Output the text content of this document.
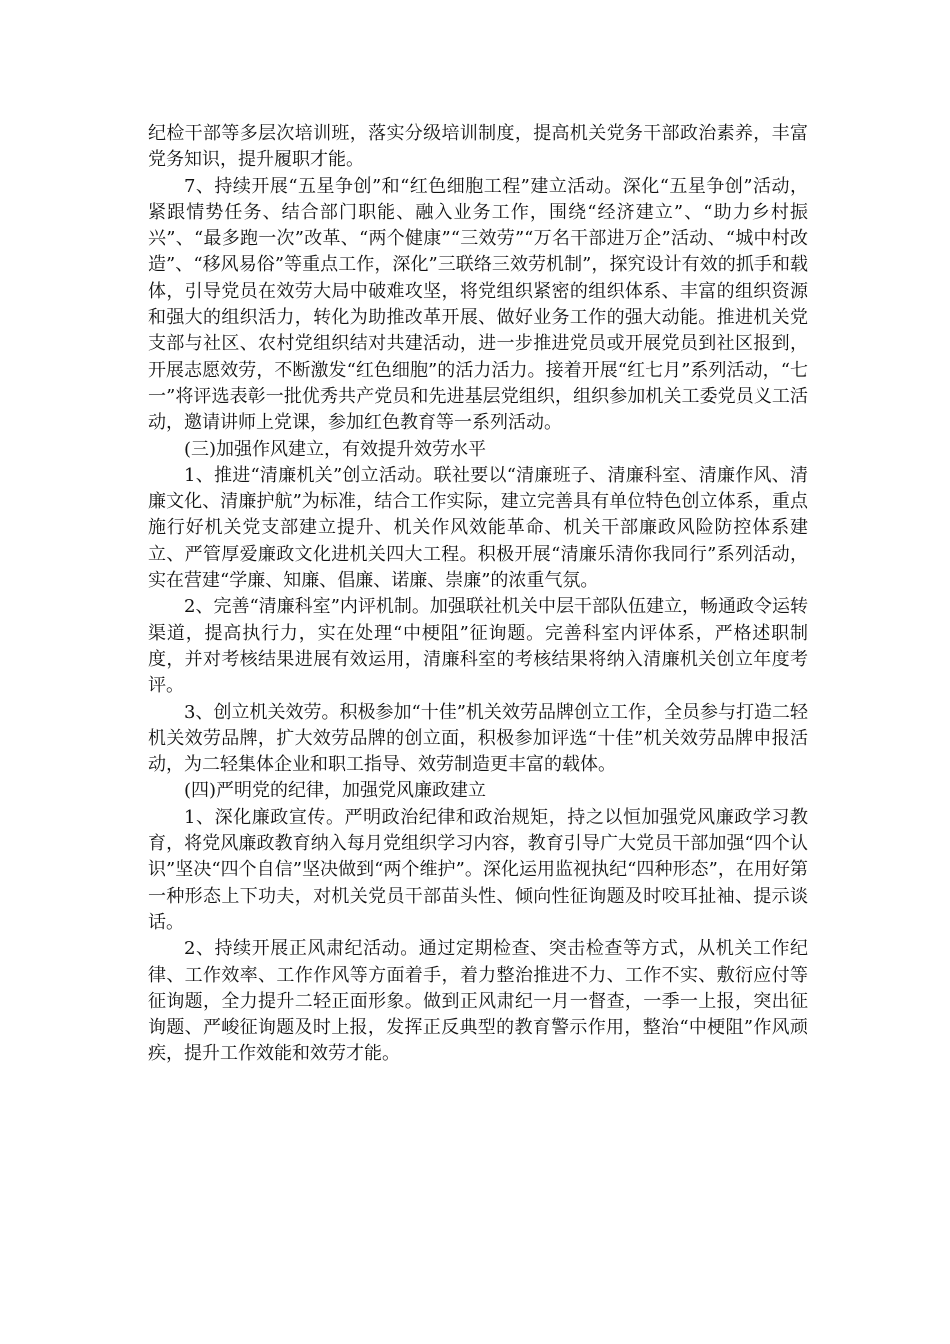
纪检干部等多层次培训班，落实分级培训制度，提高机关党务干部政治素养，丰富党务知识，提升履职才能。

7、持续开展“五星争创”和“红色细胞工程”建立活动。深化“五星争创”活动，紧跟情势任务、结合部门职能、融入业务工作，围绕“经济建立”、“助力乡村振兴”、“最多跑一次”改革、“两个健康”“三效劳”“万名干部进万企”活动、“城中村改造”、“移风易俗”等重点工作，深化”三联络三效劳机制”，探究设计有效的抓手和载体，引导党员在效劳大局中破难攻坚，将党组织紧密的组织体系、丰富的组织资源和强大的组织活力，转化为助推改革开展、做好业务工作的强大动能。推进机关党支部与社区、农村党组织结对共建活动，进一步推进党员或开展党员到社区报到，开展志愿效劳，不断激发“红色细胞”的活力活力。接着开展“红七月”系列活动，“七一”将评选表彰一批优秀共产党员和先进基层党组织，组织参加机关工委党员义工活动，邀请讲师上党课，参加红色教育等一系列活动。

(三)加强作风建立，有效提升效劳水平

1、推进“清廉机关”创立活动。联社要以“清廉班子、清廉科室、清廉作风、清廉文化、清廉护航”为标准，结合工作实际，建立完善具有单位特色创立体系，重点施行好机关党支部建立提升、机关作风效能革命、机关干部廉政风险防控体系建立、严管厚爱廉政文化进机关四大工程。积极开展“清廉乐清你我同行”系列活动，实在营建“学廉、知廉、倡廉、诺廉、崇廉”的浓重气氛。

2、完善“清廉科室”内评机制。加强联社机关中层干部队伍建立，畅通政令运转渠道，提高执行力，实在处理“中梗阻”征询题。完善科室内评体系，严格述职制度，并对考核结果进展有效运用，清廉科室的考核结果将纳入清廉机关创立年度考评。

3、创立机关效劳。积极参加“十佳”机关效劳品牌创立工作，全员参与打造二轻机关效劳品牌，扩大效劳品牌的创立面，积极参加评选“十佳”机关效劳品牌申报活动，为二轻集体企业和职工指导、效劳制造更丰富的载体。

(四)严明党的纪律，加强党风廉政建立

1、深化廉政宣传。严明政治纪律和政治规矩，持之以恒加强党风廉政学习教育，将党风廉政教育纳入每月党组织学习内容，教育引导广大党员干部加强“四个认识”坚决“四个自信”坚决做到“两个维护”。深化运用监视执纪“四种形态”，在用好第一种形态上下功夫，对机关党员干部苗头性、倾向性征询题及时咬耳扯袖、提示谈话。

2、持续开展正风肃纪活动。通过定期检查、突击检查等方式，从机关工作纪律、工作效率、工作作风等方面着手，着力整治推进不力、工作不实、敷衍应付等征询题，全力提升二轻正面形象。做到正风肃纪一月一督查，一季一上报，突出征询题、严峻征询题及时上报，发挥正反典型的教育警示作用，整治“中梗阻”作风顽疾，提升工作效能和效劳才能。
